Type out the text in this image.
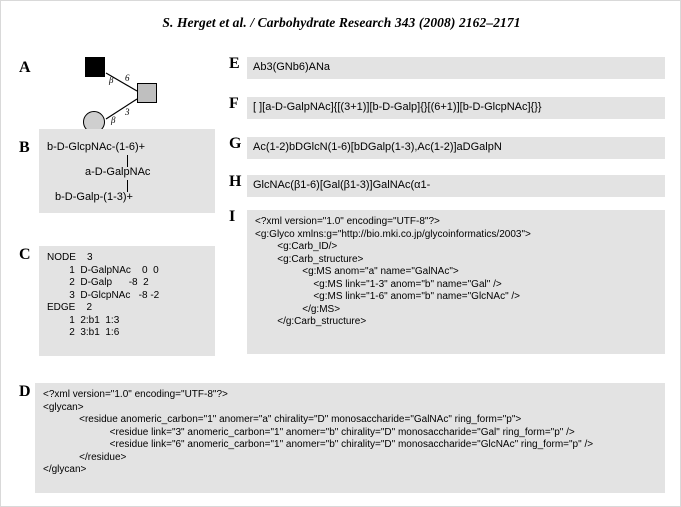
S. Herget et al. / Carbohydrate Research 343 (2008) 2162–2171
A
β 6
β
3
B b-D-GlcpNAc-(1-6)+
a-D-GalpNAc
b-D-Galp-(1-3)+
C NODE    3
1  D-GalpNAc    0  0
2  D-Galp      -8  2
3  D-GlcpNAc   -8 -2
EDGE    2
1  2:b1  1:3
2  3:b1  1:6
D <?xml version="1.0" encoding="UTF-8"?>
<glycan>
<residue anomeric_carbon="1" anomer="a" chirality="D" monosaccharide="GalNAc" ring_form="p">
<residue link="3" anomeric_carbon="1" anomer="b" chirality="D" monosaccharide="Gal" ring_form="p" />
<residue link="6" anomeric_carbon="1" anomer="b" chirality="D" monosaccharide="GlcNAc" ring_form="p" />
</residue>
</glycan>
E Ab3(GNb6)ANa
F [ ][a-D-GalpNAc]{[(3+1)][b-D-Galp]{}[(6+1)][b-D-GlcpNAc]{}}
G Ac(1-2)bDGlcN(1-6)[bDGalp(1-3),Ac(1-2)]aDGalpN
H GlcNAc(β1-6)[Gal(β1-3)]GalNAc(α1-
I <?xml version="1.0" encoding="UTF-8"?>
<g:Glyco xmlns:g="http://bio.mki.co.jp/glycoinformatics/2003">
<g:Carb_ID/>
<g:Carb_structure>
<g:MS anom="a" name="GalNAc">
<g:MS link="1-3" anom="b" name="Gal" />
<g:MS link="1-6" anom="b" name="GlcNAc" />
</g:MS>
</g:Carb_structure>
